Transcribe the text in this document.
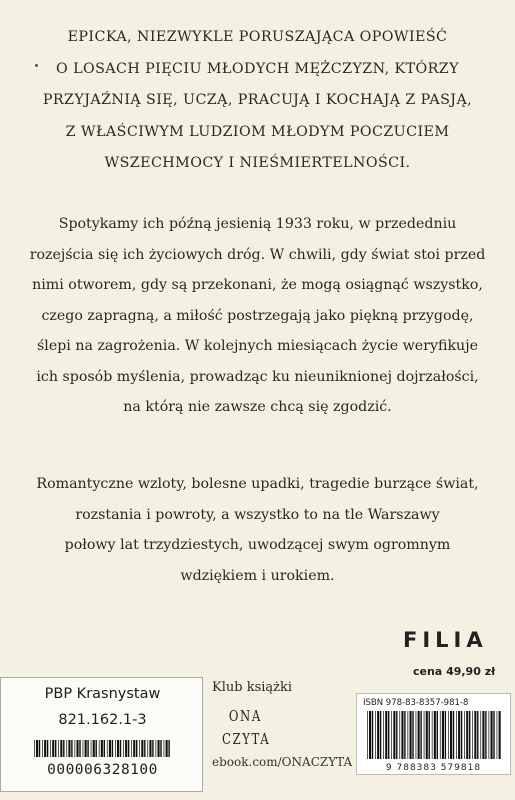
EPICKA, NIEZWYKLE PORUSZAJĄCA OPOWIEŚĆ
O LOSACH PIĘCIU MŁODYCH MĘŻCZYZN, KTÓRZY
PRZYJAŹNIĄ SIĘ, UCZĄ, PRACUJĄ I KOCHAJĄ Z PASJĄ,
Z WŁAŚCIWYM LUDZIOM MŁODYM POCZUCIEM
WSZECHMOCY I NIEŚMIERTELNOŚCI.
Spotykamy ich późną jesienią 1933 roku, w przededniu
rozejścia się ich życiowych dróg. W chwili, gdy świat stoi przed
nimi otworem, gdy są przekonani, że mogą osiągnąć wszystko,
czego zapragną, a miłość postrzegają jako piękną przygodę,
ślepi na zagrożenia. W kolejnych miesiącach życie weryfikuje
ich sposób myślenia, prowadząc ku nieuniknionej dojrzałości,
na którą nie zawsze chcą się zgodzić.
Romantyczne wzloty, bolesne upadki, tragedie burzące świat,
rozstania i powroty, a wszystko to na tle Warszawy
połowy lat trzydziestych, uwodzącej swym ogromnym
wdziękiem i urokiem.
FILIA
cena 49,90 zł
Klub książki
ONA
CZYTA
ebook.com/ONACZYTA
ISBN 978-83-8357-981-8
9 788383 579818
PBP Krasnystaw
821.162.1-3
000006328100
